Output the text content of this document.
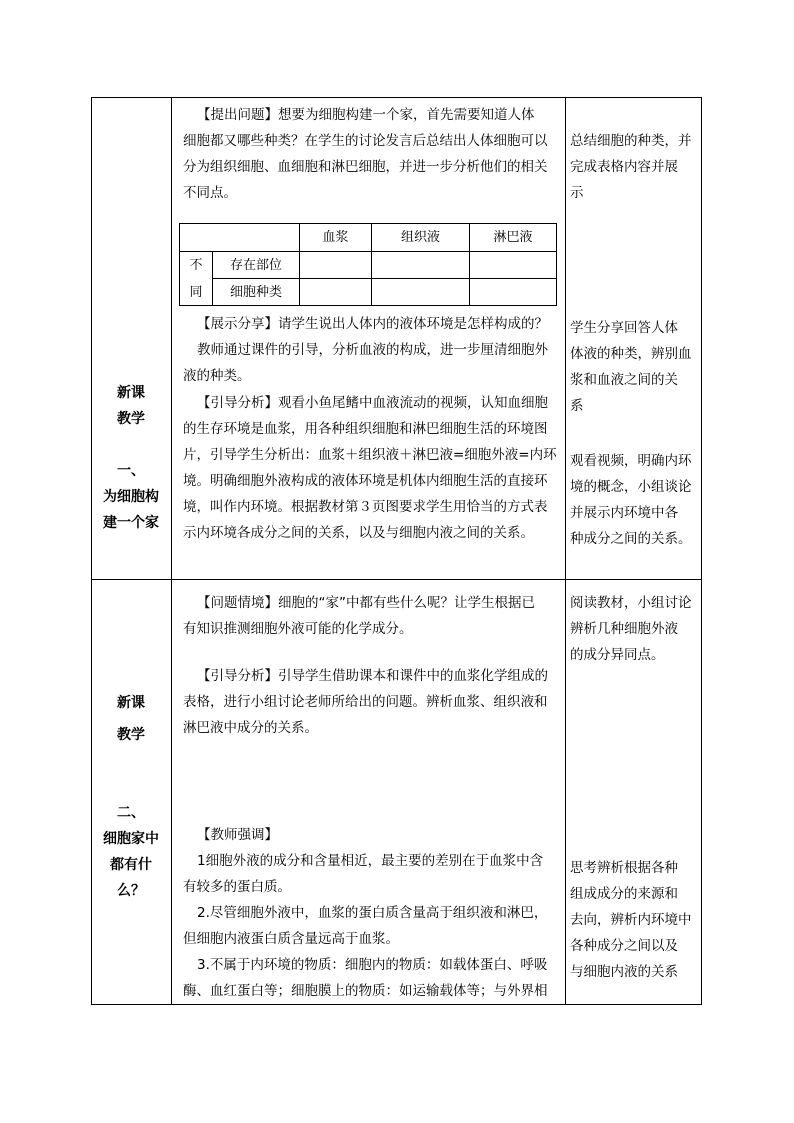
新课
教学
一、
为细胞构
建一个家
【提出问题】想要为细胞构建一个家，首先需要知道人体
细胞都又哪些种类？在学生的讨论发言后总结出人体细胞可以
分为组织细胞、血细胞和淋巴细胞，并进一步分析他们的相关
不同点。
血浆	组织液	淋巴液
不
同
存在部位
细胞种类
【展示分享】请学生说出人体内的液体环境是怎样构成的？
教师通过课件的引导，分析血液的构成，进一步厘清细胞外
液的种类。
【引导分析】观看小鱼尾鳍中血液流动的视频，认知血细胞
的生存环境是血浆，用各种组织细胞和淋巴细胞生活的环境图
片，引导学生分析出：血浆＋组织液＋淋巴液=细胞外液=内环
境。明确细胞外液构成的液体环境是机体内细胞生活的直接环
境，叫作内环境。根据教材第３页图要求学生用恰当的方式表
示内环境各成分之间的关系，以及与细胞内液之间的关系。
总结细胞的种类，并
完成表格内容并展
示
学生分享回答人体
体液的种类，辨别血
浆和血液之间的关
系
观看视频，明确内环
境的概念，小组谈论
并展示内环境中各
种成分之间的关系。
新课
教学
二、
细胞家中
都有什
么？
【问题情境】细胞的“家”中都有些什么呢？让学生根据已
有知识推测细胞外液可能的化学成分。
【引导分析】引导学生借助课本和课件中的血浆化学组成的
表格，进行小组讨论老师所给出的问题。辨析血浆、组织液和
淋巴液中成分的关系。
【教师强调】
1细胞外液的成分和含量相近，最主要的差别在于血浆中含
有较多的蛋白质。
2.尽管细胞外液中，血浆的蛋白质含量高于组织液和淋巴，
但细胞内液蛋白质含量远高于血浆。
3.不属于内环境的物质：细胞内的物质：如载体蛋白、呼吸
酶、血红蛋白等；细胞膜上的物质：如运输载体等；与外界相
阅读教材，小组讨论
辨析几种细胞外液
的成分异同点。
思考辨析根据各种
组成成分的来源和
去向，辨析内环境中
各种成分之间以及
与细胞内液的关系
